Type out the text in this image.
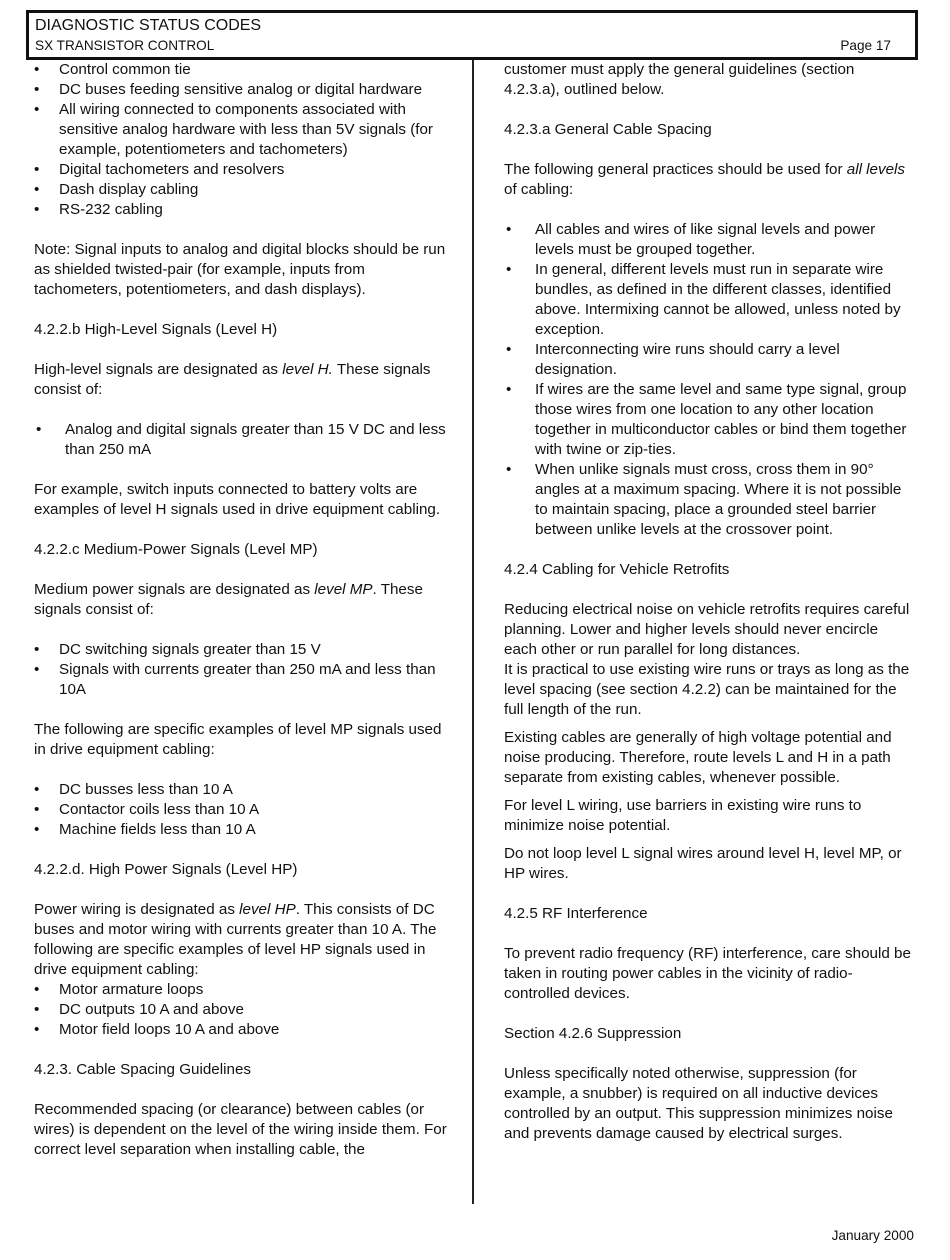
DIAGNOSTIC STATUS CODES
SX TRANSISTOR CONTROL	Page 17
• Control common tie
• DC buses feeding sensitive analog or digital hardware
• All wiring connected to components associated with sensitive analog hardware with less than 5V signals (for example, potentiometers and tachometers)
• Digital tachometers and resolvers
• Dash display cabling
• RS-232 cabling

Note: Signal inputs to analog and digital blocks should be run as shielded twisted-pair (for example, inputs from tachometers, potentiometers, and dash displays).

4.2.2.b High-Level Signals (Level H)

High-level signals are designated as level H. These signals consist of:

• Analog and digital signals greater than 15 V DC and less than 250 mA

For example, switch inputs connected to battery volts are examples of level H signals used in drive equipment cabling.

4.2.2.c Medium-Power Signals (Level MP)

Medium power signals are designated as level MP. These signals consist of:

• DC switching signals greater than 15 V
• Signals with currents greater than 250 mA and less than 10A

The following are specific examples of level MP signals used in drive equipment cabling:

• DC busses less than 10 A
• Contactor coils less than 10 A
• Machine fields less than 10 A
4.2.2.d. High Power Signals (Level HP)

Power wiring is designated as level HP. This consists of DC buses and motor wiring with currents greater than 10 A. The following are specific examples of level HP signals used in drive equipment cabling:

• Motor armature loops
• DC outputs 10 A and above
• Motor field loops 10 A and above
4.2.3. Cable Spacing Guidelines

Recommended spacing (or clearance) between cables (or wires) is dependent on the level of the wiring inside them. For correct level separation when installing cable, the

customer must apply the general guidelines (section 4.2.3.a), outlined below.

4.2.3.a General Cable Spacing

The following general practices should be used for all levels of cabling:

• All cables and wires of like signal levels and power levels must be grouped together.
• In general, different levels must run in separate wire bundles, as defined in the different classes, identified above. Intermixing cannot be allowed, unless noted by exception.
• Interconnecting wire runs should carry a level designation.
• If wires are the same level and same type signal, group those wires from one location to any other location together in multiconductor cables or bind them together with twine or zip-ties.
• When unlike signals must cross, cross them in 90° angles at a maximum spacing. Where it is not possible to maintain spacing, place a grounded steel barrier between unlike levels at the crossover point.
4.2.4 Cabling for Vehicle Retrofits

Reducing electrical noise on vehicle retrofits requires careful planning. Lower and higher levels should never encircle each other or run parallel for long distances.

It is practical to use existing wire runs or trays as long as the level spacing (see section 4.2.2) can be maintained for the full length of the run.

Existing cables are generally of high voltage potential and noise producing. Therefore, route levels L and H in a path separate from existing cables, whenever possible.

For level L wiring, use barriers in existing wire runs to minimize noise potential.

Do not loop level L signal wires around level H, level MP, or HP wires.

4.2.5 RF Interference

To prevent radio frequency (RF) interference, care should be taken in routing power cables in the vicinity of radio-controlled devices.

Section 4.2.6 Suppression

Unless specifically noted otherwise, suppression (for example, a snubber) is required on all inductive devices controlled by an output. This suppression minimizes noise and prevents damage caused by electrical surges.

January 2000
